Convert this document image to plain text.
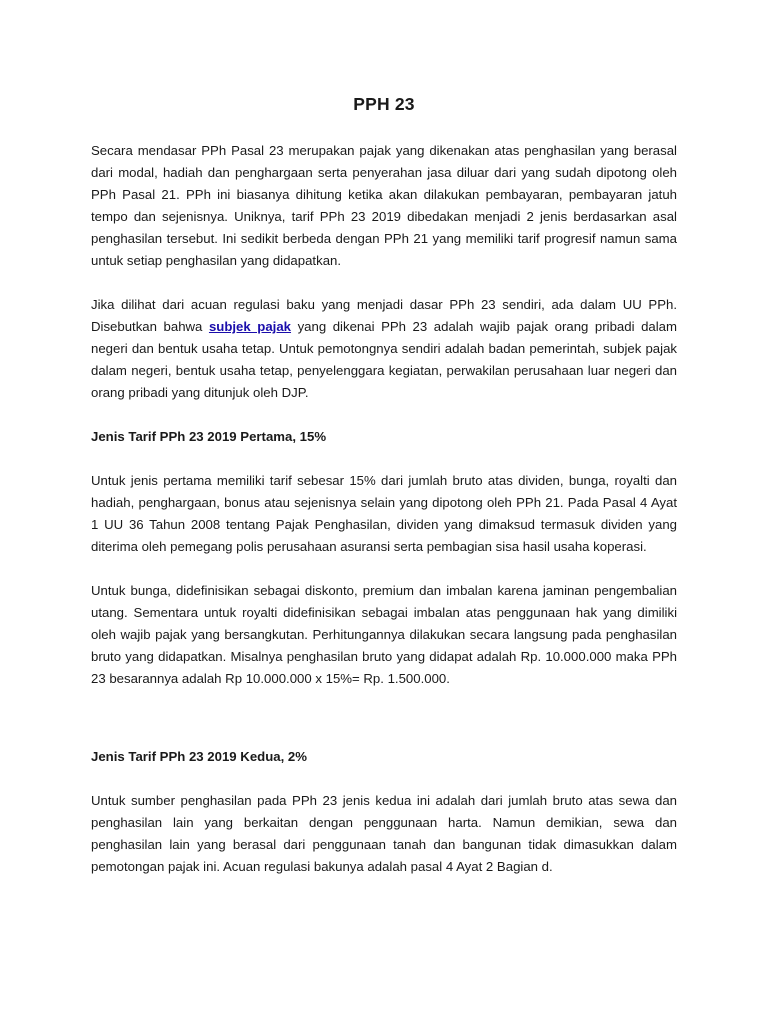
PPH 23

Secara mendasar PPh Pasal 23 merupakan pajak yang dikenakan atas penghasilan yang berasal dari modal, hadiah dan penghargaan serta penyerahan jasa diluar dari yang sudah dipotong oleh PPh Pasal 21. PPh ini biasanya dihitung ketika akan dilakukan pembayaran, pembayaran jatuh tempo dan sejenisnya. Uniknya, tarif PPh 23 2019 dibedakan menjadi 2 jenis berdasarkan asal penghasilan tersebut. Ini sedikit berbeda dengan PPh 21 yang memiliki tarif progresif namun sama untuk setiap penghasilan yang didapatkan.

Jika dilihat dari acuan regulasi baku yang menjadi dasar PPh 23 sendiri, ada dalam UU PPh. Disebutkan bahwa subjek pajak yang dikenai PPh 23 adalah wajib pajak orang pribadi dalam negeri dan bentuk usaha tetap. Untuk pemotongnya sendiri adalah badan pemerintah, subjek pajak dalam negeri, bentuk usaha tetap, penyelenggara kegiatan, perwakilan perusahaan luar negeri dan orang pribadi yang ditunjuk oleh DJP.

Jenis Tarif PPh 23 2019 Pertama, 15%

Untuk jenis pertama memiliki tarif sebesar 15% dari jumlah bruto atas dividen, bunga, royalti dan hadiah, penghargaan, bonus atau sejenisnya selain yang dipotong oleh PPh 21. Pada Pasal 4 Ayat 1 UU 36 Tahun 2008 tentang Pajak Penghasilan, dividen yang dimaksud termasuk dividen yang diterima oleh pemegang polis perusahaan asuransi serta pembagian sisa hasil usaha koperasi.

Untuk bunga, didefinisikan sebagai diskonto, premium dan imbalan karena jaminan pengembalian utang. Sementara untuk royalti didefinisikan sebagai imbalan atas penggunaan hak yang dimiliki oleh wajib pajak yang bersangkutan. Perhitungannya dilakukan secara langsung pada penghasilan bruto yang didapatkan. Misalnya penghasilan bruto yang didapat adalah Rp. 10.000.000 maka PPh 23 besarannya adalah Rp 10.000.000 x 15%= Rp. 1.500.000.

Jenis Tarif PPh 23 2019 Kedua, 2%

Untuk sumber penghasilan pada PPh 23 jenis kedua ini adalah dari jumlah bruto atas sewa dan penghasilan lain yang berkaitan dengan penggunaan harta. Namun demikian, sewa dan penghasilan lain yang berasal dari penggunaan tanah dan bangunan tidak dimasukkan dalam pemotongan pajak ini. Acuan regulasi bakunya adalah pasal 4 Ayat 2 Bagian d.
